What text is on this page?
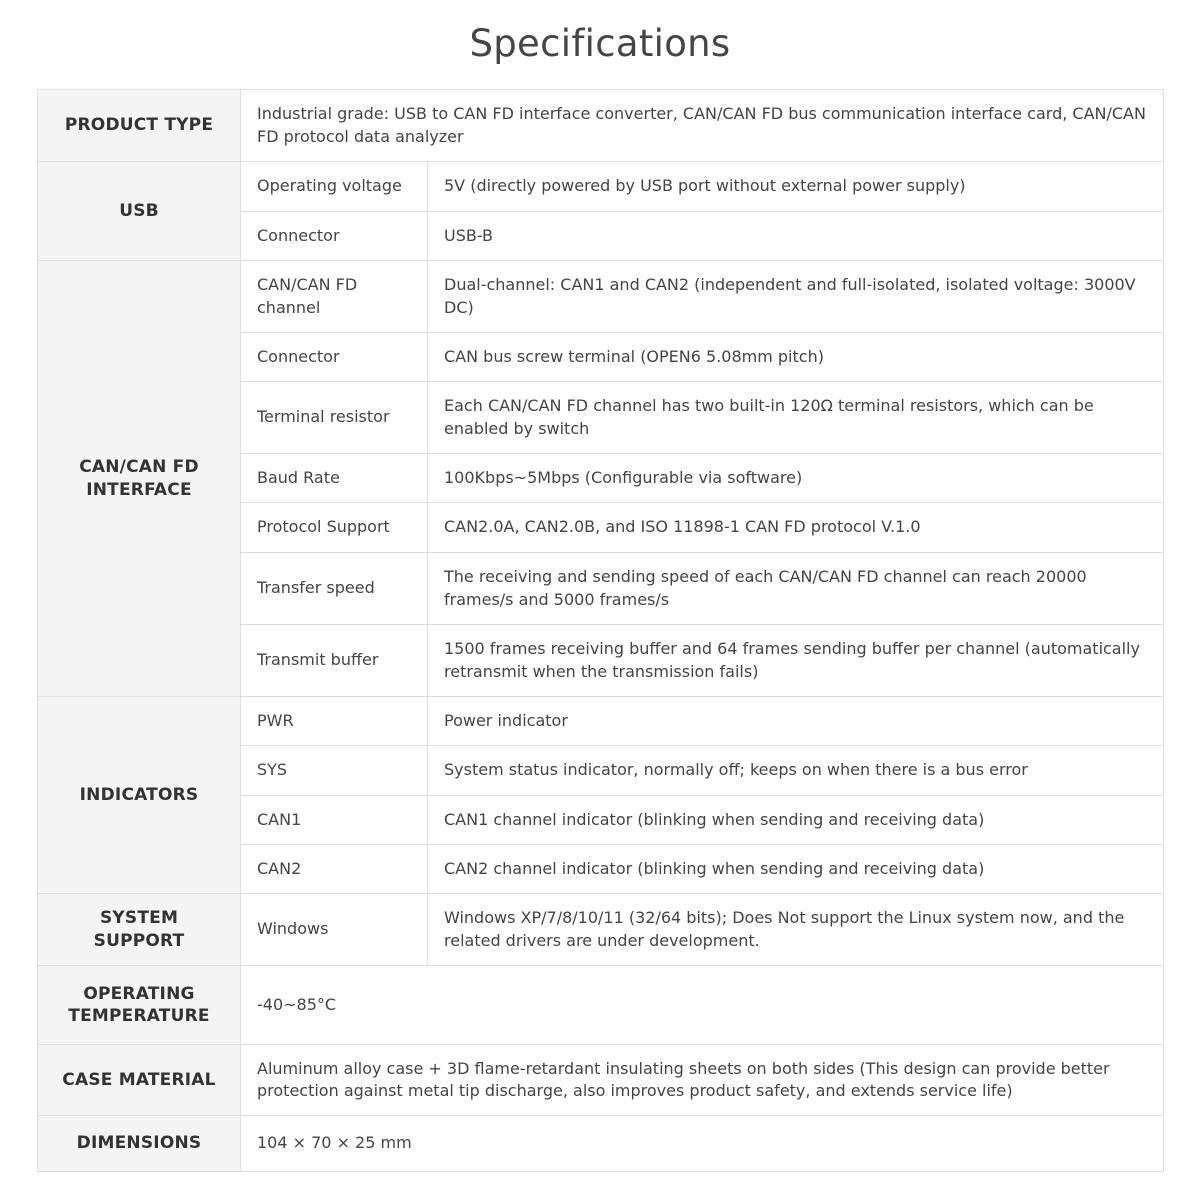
Specifications
PRODUCT TYPE	Industrial grade: USB to CAN FD interface converter, CAN/CAN FD bus communication interface card, CAN/CAN FD protocol data analyzer	
USB	Operating voltage	5V (directly powered by USB port without external power supply)
	Connector	USB-B
CAN/CAN FD INTERFACE	CAN/CAN FD channel	Dual-channel: CAN1 and CAN2 (independent and full-isolated, isolated voltage: 3000V DC)
	Connector	CAN bus screw terminal (OPEN6 5.08mm pitch)
	Terminal resistor	Each CAN/CAN FD channel has two built-in 120Ω terminal resistors, which can be enabled by switch
	Baud Rate	100Kbps~5Mbps (Configurable via software)
	Protocol Support	CAN2.0A, CAN2.0B, and ISO 11898-1 CAN FD protocol V.1.0
	Transfer speed	The receiving and sending speed of each CAN/CAN FD channel can reach 20000 frames/s and 5000 frames/s
	Transmit buffer	1500 frames receiving buffer and 64 frames sending buffer per channel (automatically retransmit when the transmission fails)
INDICATORS	PWR	Power indicator
	SYS	System status indicator, normally off; keeps on when there is a bus error
	CAN1	CAN1 channel indicator (blinking when sending and receiving data)
	CAN2	CAN2 channel indicator (blinking when sending and receiving data)
SYSTEM SUPPORT	Windows	Windows XP/7/8/10/11 (32/64 bits); Does Not support the Linux system now, and the related drivers are under development.
OPERATING TEMPERATURE	-40~85°C	
CASE MATERIAL	Aluminum alloy case + 3D flame-retardant insulating sheets on both sides (This design can provide better protection against metal tip discharge, also improves product safety, and extends service life)	
DIMENSIONS	104 × 70 × 25 mm	
